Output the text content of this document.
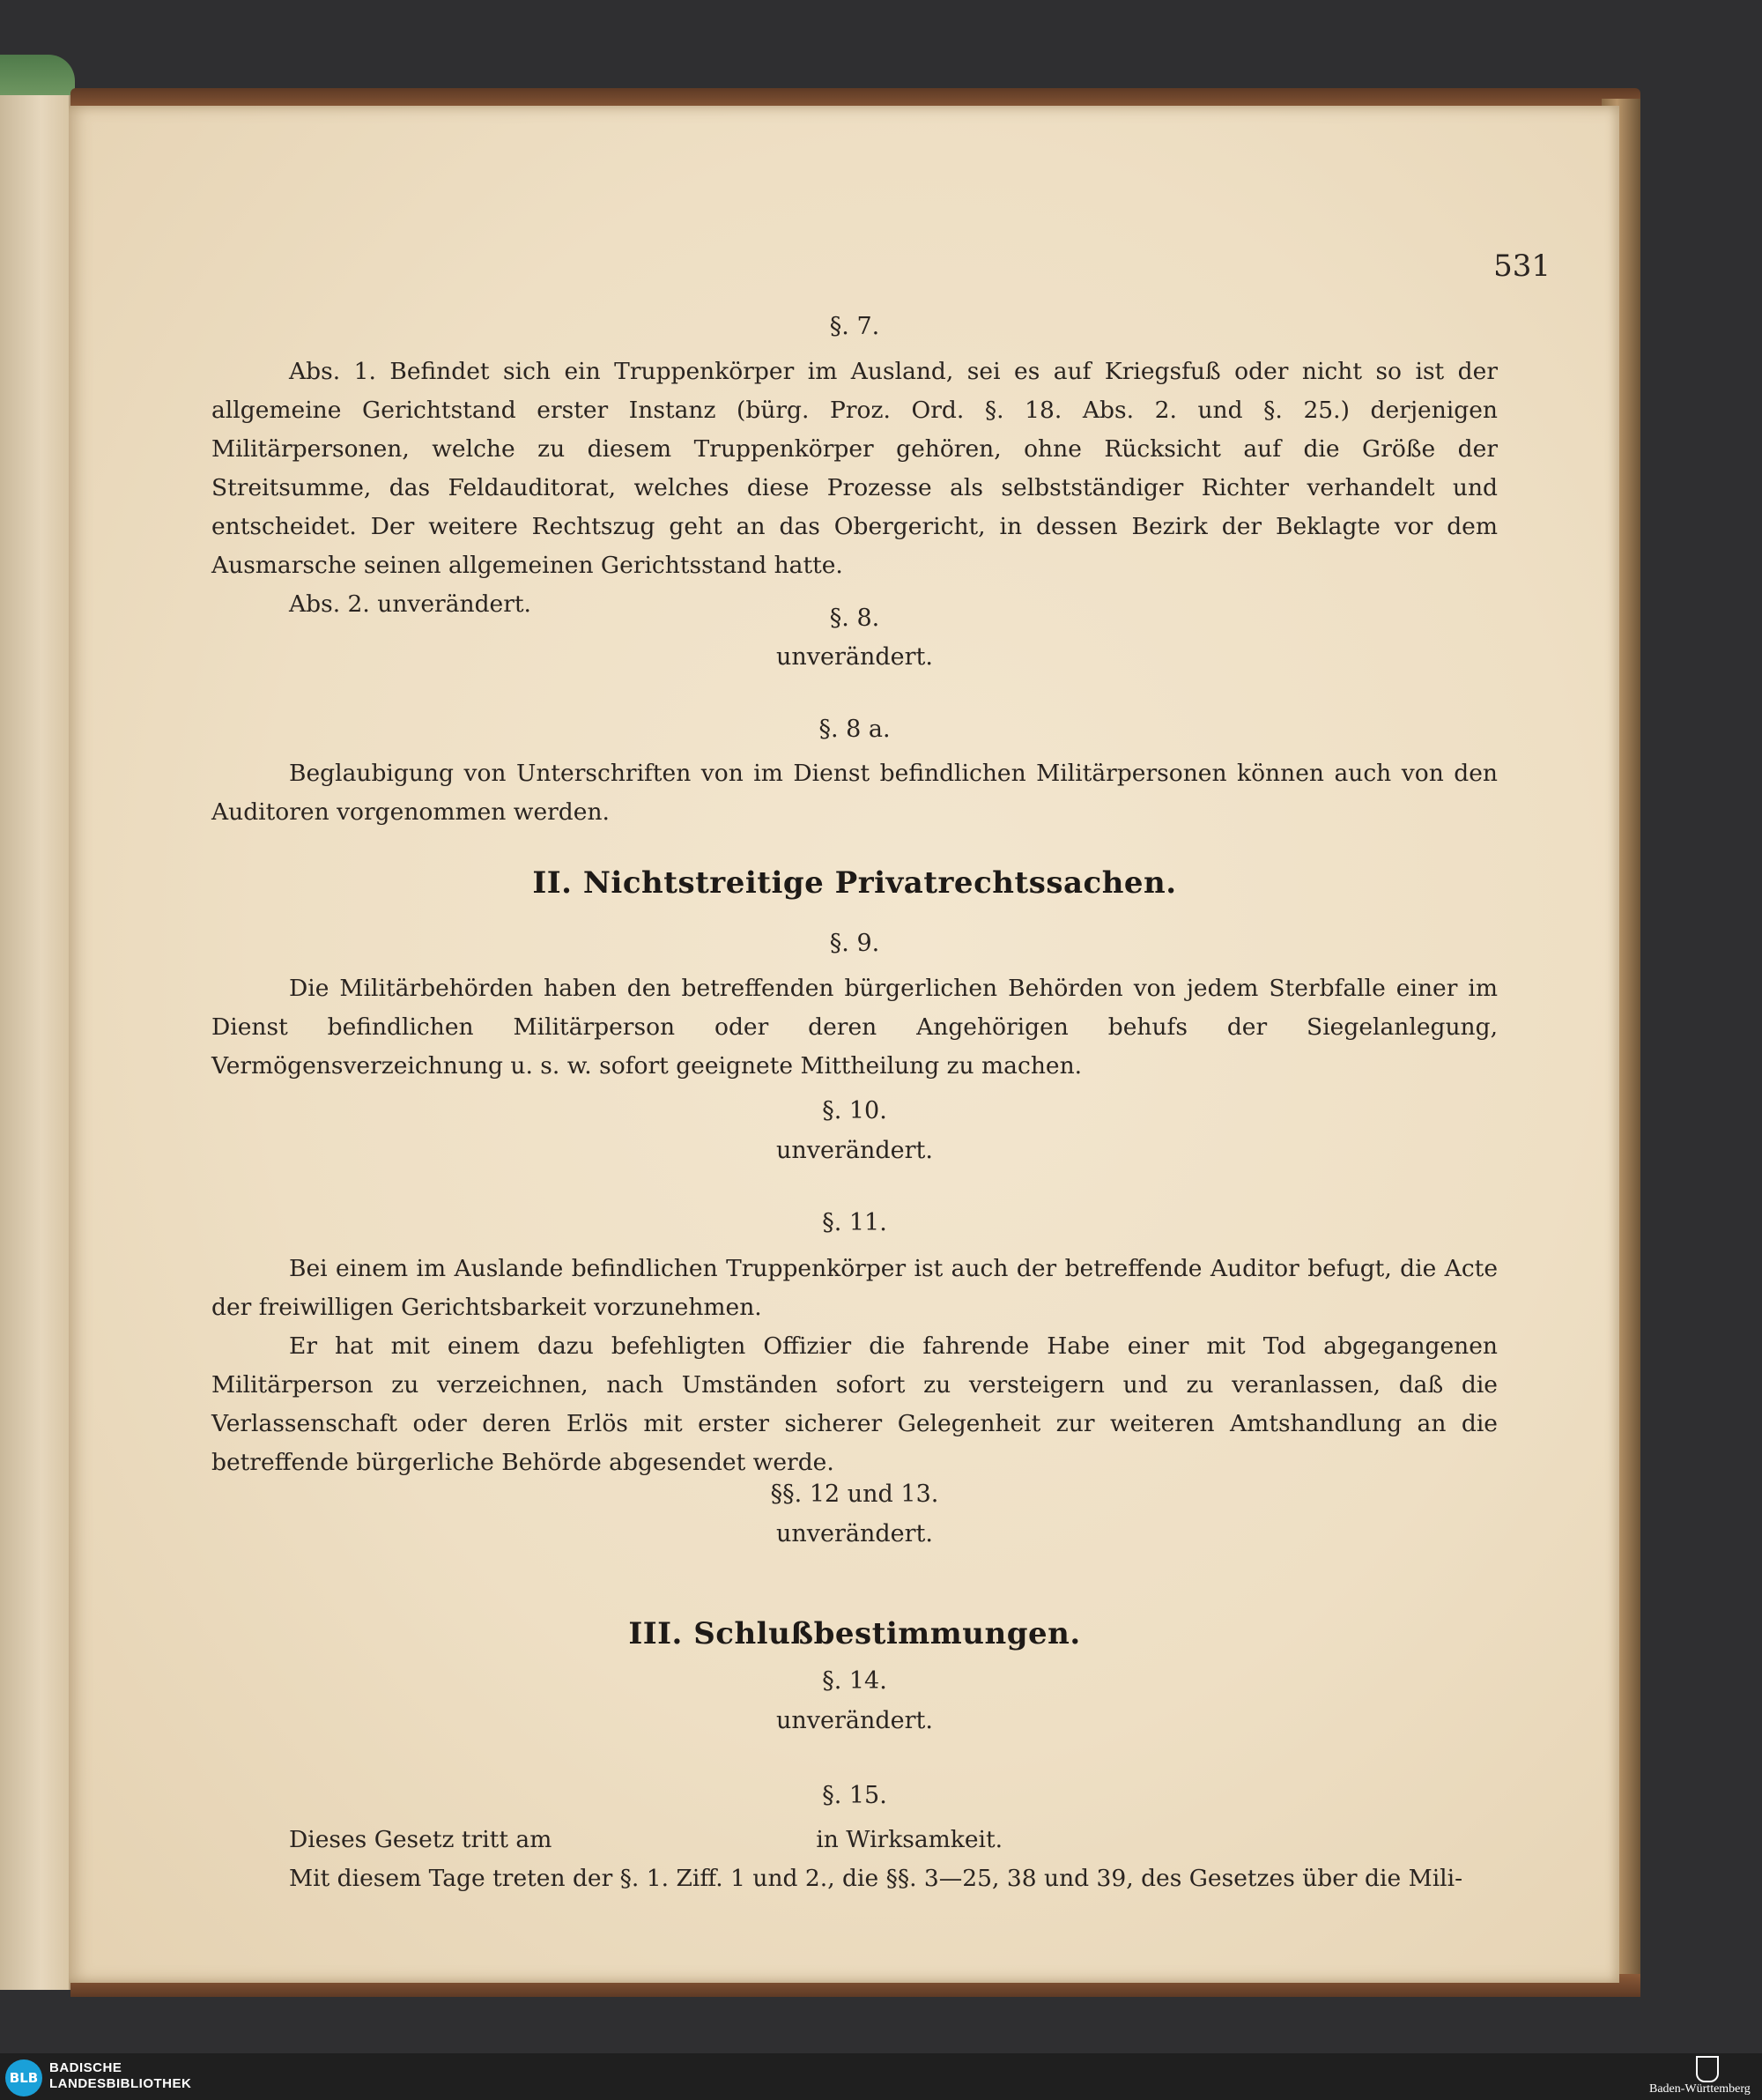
531
§. 7.

Abs. 1. Befindet sich ein Truppenkörper im Ausland, sei es auf Kriegsfuß oder nicht so ist der allgemeine Gerichtstand erster Instanz (bürg. Proz. Ord. §. 18. Abs. 2. und §. 25.) derjenigen Militärpersonen, welche zu diesem Truppenkörper gehören, ohne Rücksicht auf die Größe der Streitsumme, das Feldauditorat, welches diese Prozesse als selbstständiger Richter verhandelt und entscheidet. Der weitere Rechtszug geht an das Obergericht, in dessen Bezirk der Beklagte vor dem Ausmarsche seinen allgemeinen Gerichtsstand hatte.

Abs. 2. unverändert.

§. 8.
unverändert.
§. 8 a.

Beglaubigung von Unterschriften von im Dienst befindlichen Militärpersonen können auch von den Auditoren vorgenommen werden.

II. Nichtstreitige Privatrechtssachen.
§. 9.

Die Militärbehörden haben den betreffenden bürgerlichen Behörden von jedem Sterbfalle einer im Dienst befindlichen Militärperson oder deren Angehörigen behufs der Siegelanlegung, Vermögensverzeichnung u. s. w. sofort geeignete Mittheilung zu machen.

§. 10.
unverändert.
§. 11.

Bei einem im Auslande befindlichen Truppenkörper ist auch der betreffende Auditor befugt, die Acte der freiwilligen Gerichtsbarkeit vorzunehmen.

Er hat mit einem dazu befehligten Offizier die fahrende Habe einer mit Tod abgegangenen Militärperson zu verzeichnen, nach Umständen sofort zu versteigern und zu veranlassen, daß die Verlassenschaft oder deren Erlös mit erster sicherer Gelegenheit zur weiteren Amtshandlung an die betreffende bürgerliche Behörde abgesendet werde.

§§. 12 und 13.
unverändert.
III. Schlußbestimmungen.
§. 14.
unverändert.
§. 15.

Dieses Gesetz tritt am	in Wirksamkeit.

Mit diesem Tage treten der §. 1. Ziff. 1 und 2., die §§. 3—25, 38 und 39, des Gesetzes über die Mili-

BLB
BADISCHE
LANDESBIBLIOTHEK	Baden-Württemberg
